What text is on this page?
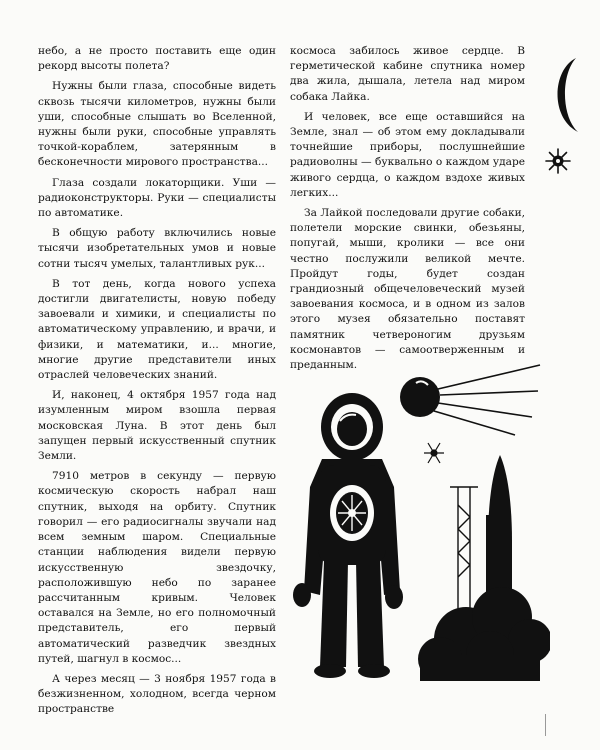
небо, а не просто поставить еще один рекорд высоты полета?

Нужны были глаза, способные видеть сквозь тысячи километров, нужны были уши, способные слышать во Вселенной, нужны были руки, способные управлять точкой-кораблем, затерянным в бесконечности мирового пространства...

Глаза создали локаторщики. Уши — радиоконструкторы. Руки — специалисты по автоматике.

В общую работу включились новые тысячи изобретательных умов и новые сотни тысяч умелых, талантливых рук...

В тот день, когда нового успеха достигли двигателисты, новую победу завоевали и химики, и специалисты по автоматическому управлению, и врачи, и физики, и математики, и... многие, многие другие представители иных отраслей человеческих знаний.

И, наконец, 4 октября 1957 года над изумленным миром взошла первая московская Луна. В этот день был запущен первый искусственный спутник Земли.

7910 метров в секунду — первую космическую скорость набрал наш спутник, выходя на орбиту. Спутник говорил — его радиосигналы звучали над всем земным шаром. Специальные станции наблюдения видели первую искусственную звездочку, расположившую небо по заранее рассчитанным кривым. Человек оставался на Земле, но его полномочный представитель, его первый автоматический разведчик звездных путей, шагнул в космос...

А через месяц — 3 ноября 1957 года в безжизненном, холодном, всегда черном пространстве

космоса забилось живое сердце. В герметической кабине спутника номер два жила, дышала, летела над миром собака Лайка.

И человек, все еще оставшийся на Земле, знал — об этом ему докладывали точнейшие приборы, послушнейшие радиоволны — буквально о каждом ударе живого сердца, о каждом вздохе живых легких...

За Лайкой последовали другие собаки, полетели морские свинки, обезьяны, попугай, мыши, кролики — все они честно послужили великой мечте. Пройдут годы, будет создан грандиозный общечеловеческий музей завоевания космоса, и в одном из залов этого музея обязательно поставят памятник четвероногим друзьям космонавтов — самоотверженным и преданным.
